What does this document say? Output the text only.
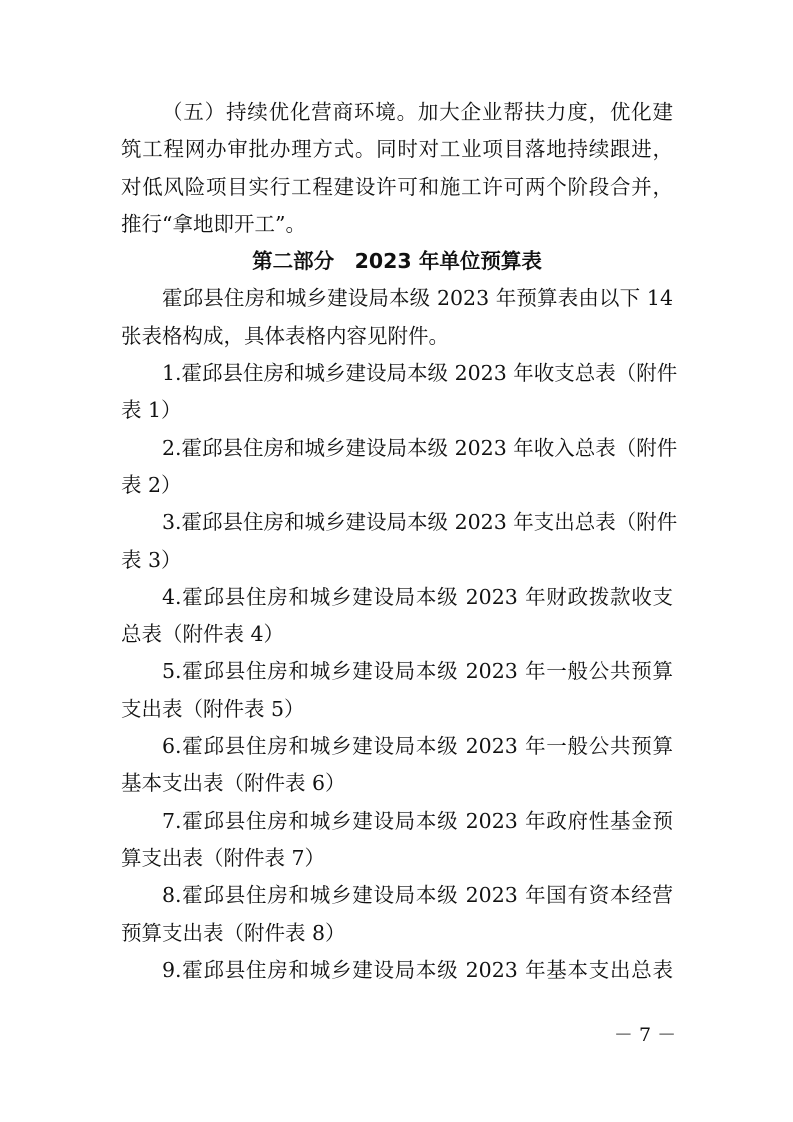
（五）持续优化营商环境。加大企业帮扶力度，优化建
筑工程网办审批办理方式。同时对工业项目落地持续跟进，
对低风险项目实行工程建设许可和施工许可两个阶段合并，
推行“拿地即开工”。
第二部分　2023 年单位预算表
霍邱县住房和城乡建设局本级 2023 年预算表由以下 14
张表格构成，具体表格内容见附件。
1.霍邱县住房和城乡建设局本级 2023 年收支总表（附件
表 1）
2.霍邱县住房和城乡建设局本级 2023 年收入总表（附件
表 2）
3.霍邱县住房和城乡建设局本级 2023 年支出总表（附件
表 3）
4.霍邱县住房和城乡建设局本级 2023 年财政拨款收支
总表（附件表 4）
5.霍邱县住房和城乡建设局本级 2023 年一般公共预算
支出表（附件表 5）
6.霍邱县住房和城乡建设局本级 2023 年一般公共预算
基本支出表（附件表 6）
7.霍邱县住房和城乡建设局本级 2023 年政府性基金预
算支出表（附件表 7）
8.霍邱县住房和城乡建设局本级 2023 年国有资本经营
预算支出表（附件表 8）
9.霍邱县住房和城乡建设局本级 2023 年基本支出总表
－ 7 －
